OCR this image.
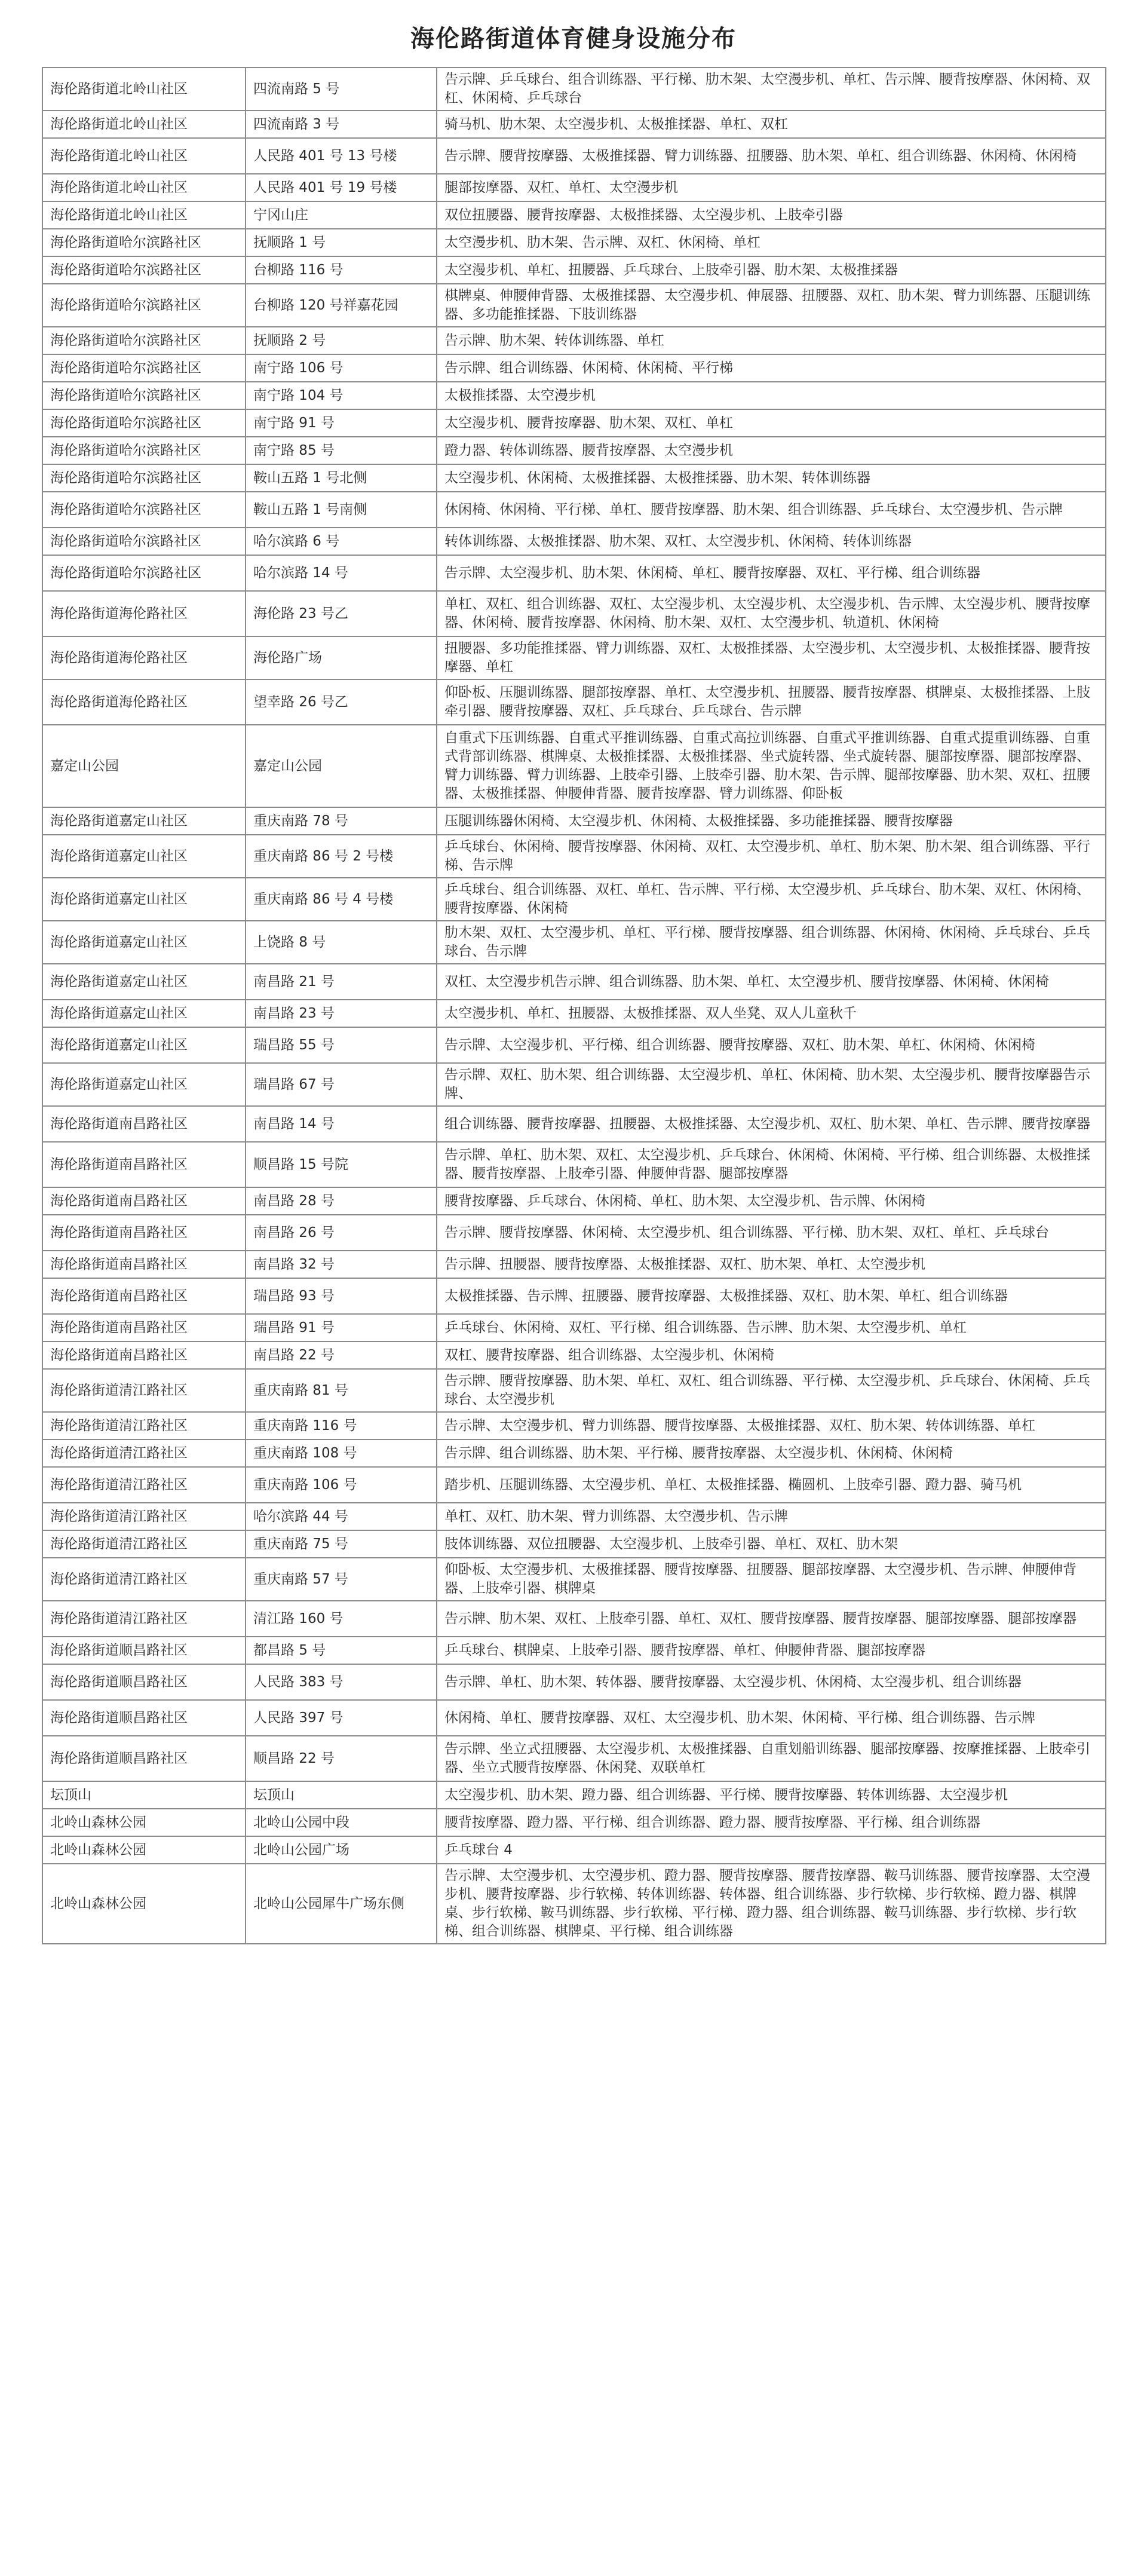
海伦路街道体育健身设施分布
海伦路街道北岭山社区	四流南路 5 号	告示牌、乒乓球台、组合训练器、平行梯、肋木架、太空漫步机、单杠、告示牌、腰背按摩器、休闲椅、双杠、休闲椅、乒乓球台
海伦路街道北岭山社区	四流南路 3 号	骑马机、肋木架、太空漫步机、太极推揉器、单杠、双杠
海伦路街道北岭山社区	人民路 401 号 13 号楼	告示牌、腰背按摩器、太极推揉器、臂力训练器、扭腰器、肋木架、单杠、组合训练器、休闲椅、休闲椅
海伦路街道北岭山社区	人民路 401 号 19 号楼	腿部按摩器、双杠、单杠、太空漫步机
海伦路街道北岭山社区	宁冈山庄	双位扭腰器、腰背按摩器、太极推揉器、太空漫步机、上肢牵引器
海伦路街道哈尔滨路社区	抚顺路 1 号	太空漫步机、肋木架、告示牌、双杠、休闲椅、单杠
海伦路街道哈尔滨路社区	台柳路 116 号	太空漫步机、单杠、扭腰器、乒乓球台、上肢牵引器、肋木架、太极推揉器
海伦路街道哈尔滨路社区	台柳路 120 号祥嘉花园	棋牌桌、伸腰伸背器、太极推揉器、太空漫步机、伸展器、扭腰器、双杠、肋木架、臂力训练器、压腿训练器、多功能推揉器、下肢训练器
海伦路街道哈尔滨路社区	抚顺路 2 号	告示牌、肋木架、转体训练器、单杠
海伦路街道哈尔滨路社区	南宁路 106 号	告示牌、组合训练器、休闲椅、休闲椅、平行梯
海伦路街道哈尔滨路社区	南宁路 104 号	太极推揉器、太空漫步机
海伦路街道哈尔滨路社区	南宁路 91 号	太空漫步机、腰背按摩器、肋木架、双杠、单杠
海伦路街道哈尔滨路社区	南宁路 85 号	蹬力器、转体训练器、腰背按摩器、太空漫步机
海伦路街道哈尔滨路社区	鞍山五路 1 号北侧	太空漫步机、休闲椅、太极推揉器、太极推揉器、肋木架、转体训练器
海伦路街道哈尔滨路社区	鞍山五路 1 号南侧	休闲椅、休闲椅、平行梯、单杠、腰背按摩器、肋木架、组合训练器、乒乓球台、太空漫步机、告示牌
海伦路街道哈尔滨路社区	哈尔滨路 6 号	转体训练器、太极推揉器、肋木架、双杠、太空漫步机、休闲椅、转体训练器
海伦路街道哈尔滨路社区	哈尔滨路 14 号	告示牌、太空漫步机、肋木架、休闲椅、单杠、腰背按摩器、双杠、平行梯、组合训练器
海伦路街道海伦路社区	海伦路 23 号乙	单杠、双杠、组合训练器、双杠、太空漫步机、太空漫步机、太空漫步机、告示牌、太空漫步机、腰背按摩器、休闲椅、腰背按摩器、休闲椅、肋木架、双杠、太空漫步机、轨道机、休闲椅
海伦路街道海伦路社区	海伦路广场	扭腰器、多功能推揉器、臂力训练器、双杠、太极推揉器、太空漫步机、太空漫步机、太极推揉器、腰背按摩器、单杠
海伦路街道海伦路社区	望幸路 26 号乙	仰卧板、压腿训练器、腿部按摩器、单杠、太空漫步机、扭腰器、腰背按摩器、棋牌桌、太极推揉器、上肢牵引器、腰背按摩器、双杠、乒乓球台、乒乓球台、告示牌
嘉定山公园	嘉定山公园	自重式下压训练器、自重式平推训练器、自重式高拉训练器、自重式平推训练器、自重式提重训练器、自重式背部训练器、棋牌桌、太极推揉器、太极推揉器、坐式旋转器、坐式旋转器、腿部按摩器、腿部按摩器、臂力训练器、臂力训练器、上肢牵引器、上肢牵引器、肋木架、告示牌、腿部按摩器、肋木架、双杠、扭腰器、太极推揉器、伸腰伸背器、腰背按摩器、臂力训练器、仰卧板
海伦路街道嘉定山社区	重庆南路 78 号	压腿训练器休闲椅、太空漫步机、休闲椅、太极推揉器、多功能推揉器、腰背按摩器
海伦路街道嘉定山社区	重庆南路 86 号 2 号楼	乒乓球台、休闲椅、腰背按摩器、休闲椅、双杠、太空漫步机、单杠、肋木架、肋木架、组合训练器、平行梯、告示牌
海伦路街道嘉定山社区	重庆南路 86 号 4 号楼	乒乓球台、组合训练器、双杠、单杠、告示牌、平行梯、太空漫步机、乒乓球台、肋木架、双杠、休闲椅、腰背按摩器、休闲椅
海伦路街道嘉定山社区	上饶路 8 号	肋木架、双杠、太空漫步机、单杠、平行梯、腰背按摩器、组合训练器、休闲椅、休闲椅、乒乓球台、乒乓球台、告示牌
海伦路街道嘉定山社区	南昌路 21 号	双杠、太空漫步机告示牌、组合训练器、肋木架、单杠、太空漫步机、腰背按摩器、休闲椅、休闲椅
海伦路街道嘉定山社区	南昌路 23 号	太空漫步机、单杠、扭腰器、太极推揉器、双人坐凳、双人儿童秋千
海伦路街道嘉定山社区	瑞昌路 55 号	告示牌、太空漫步机、平行梯、组合训练器、腰背按摩器、双杠、肋木架、单杠、休闲椅、休闲椅
海伦路街道嘉定山社区	瑞昌路 67 号	告示牌、双杠、肋木架、组合训练器、太空漫步机、单杠、休闲椅、肋木架、太空漫步机、腰背按摩器告示牌、
海伦路街道南昌路社区	南昌路 14 号	组合训练器、腰背按摩器、扭腰器、太极推揉器、太空漫步机、双杠、肋木架、单杠、告示牌、腰背按摩器
海伦路街道南昌路社区	顺昌路 15 号院	告示牌、单杠、肋木架、双杠、太空漫步机、乒乓球台、休闲椅、休闲椅、平行梯、组合训练器、太极推揉器、腰背按摩器、上肢牵引器、伸腰伸背器、腿部按摩器
海伦路街道南昌路社区	南昌路 28 号	腰背按摩器、乒乓球台、休闲椅、单杠、肋木架、太空漫步机、告示牌、休闲椅
海伦路街道南昌路社区	南昌路 26 号	告示牌、腰背按摩器、休闲椅、太空漫步机、组合训练器、平行梯、肋木架、双杠、单杠、乒乓球台
海伦路街道南昌路社区	南昌路 32 号	告示牌、扭腰器、腰背按摩器、太极推揉器、双杠、肋木架、单杠、太空漫步机
海伦路街道南昌路社区	瑞昌路 93 号	太极推揉器、告示牌、扭腰器、腰背按摩器、太极推揉器、双杠、肋木架、单杠、组合训练器
海伦路街道南昌路社区	瑞昌路 91 号	乒乓球台、休闲椅、双杠、平行梯、组合训练器、告示牌、肋木架、太空漫步机、单杠
海伦路街道南昌路社区	南昌路 22 号	双杠、腰背按摩器、组合训练器、太空漫步机、休闲椅
海伦路街道清江路社区	重庆南路 81 号	告示牌、腰背按摩器、肋木架、单杠、双杠、组合训练器、平行梯、太空漫步机、乒乓球台、休闲椅、乒乓球台、太空漫步机
海伦路街道清江路社区	重庆南路 116 号	告示牌、太空漫步机、臂力训练器、腰背按摩器、太极推揉器、双杠、肋木架、转体训练器、单杠
海伦路街道清江路社区	重庆南路 108 号	告示牌、组合训练器、肋木架、平行梯、腰背按摩器、太空漫步机、休闲椅、休闲椅
海伦路街道清江路社区	重庆南路 106 号	踏步机、压腿训练器、太空漫步机、单杠、太极推揉器、椭圆机、上肢牵引器、蹬力器、骑马机
海伦路街道清江路社区	哈尔滨路 44 号	单杠、双杠、肋木架、臂力训练器、太空漫步机、告示牌
海伦路街道清江路社区	重庆南路 75 号	肢体训练器、双位扭腰器、太空漫步机、上肢牵引器、单杠、双杠、肋木架
海伦路街道清江路社区	重庆南路 57 号	仰卧板、太空漫步机、太极推揉器、腰背按摩器、扭腰器、腿部按摩器、太空漫步机、告示牌、伸腰伸背器、上肢牵引器、棋牌桌
海伦路街道清江路社区	清江路 160 号	告示牌、肋木架、双杠、上肢牵引器、单杠、双杠、腰背按摩器、腰背按摩器、腿部按摩器、腿部按摩器
海伦路街道顺昌路社区	都昌路 5 号	乒乓球台、棋牌桌、上肢牵引器、腰背按摩器、单杠、伸腰伸背器、腿部按摩器
海伦路街道顺昌路社区	人民路 383 号	告示牌、单杠、肋木架、转体器、腰背按摩器、太空漫步机、休闲椅、太空漫步机、组合训练器
海伦路街道顺昌路社区	人民路 397 号	休闲椅、单杠、腰背按摩器、双杠、太空漫步机、肋木架、休闲椅、平行梯、组合训练器、告示牌
海伦路街道顺昌路社区	顺昌路 22 号	告示牌、坐立式扭腰器、太空漫步机、太极推揉器、自重划船训练器、腿部按摩器、按摩推揉器、上肢牵引器、坐立式腰背按摩器、休闲凳、双联单杠
坛顶山	坛顶山	太空漫步机、肋木架、蹬力器、组合训练器、平行梯、腰背按摩器、转体训练器、太空漫步机
北岭山森林公园	北岭山公园中段	腰背按摩器、蹬力器、平行梯、组合训练器、蹬力器、腰背按摩器、平行梯、组合训练器
北岭山森林公园	北岭山公园广场	乒乓球台 4
北岭山森林公园	北岭山公园犀牛广场东侧	告示牌、太空漫步机、太空漫步机、蹬力器、腰背按摩器、腰背按摩器、鞍马训练器、腰背按摩器、太空漫步机、腰背按摩器、步行软梯、转体训练器、转体器、组合训练器、步行软梯、步行软梯、蹬力器、棋牌桌、步行软梯、鞍马训练器、步行软梯、平行梯、蹬力器、组合训练器、鞍马训练器、步行软梯、步行软梯、组合训练器、棋牌桌、平行梯、组合训练器
